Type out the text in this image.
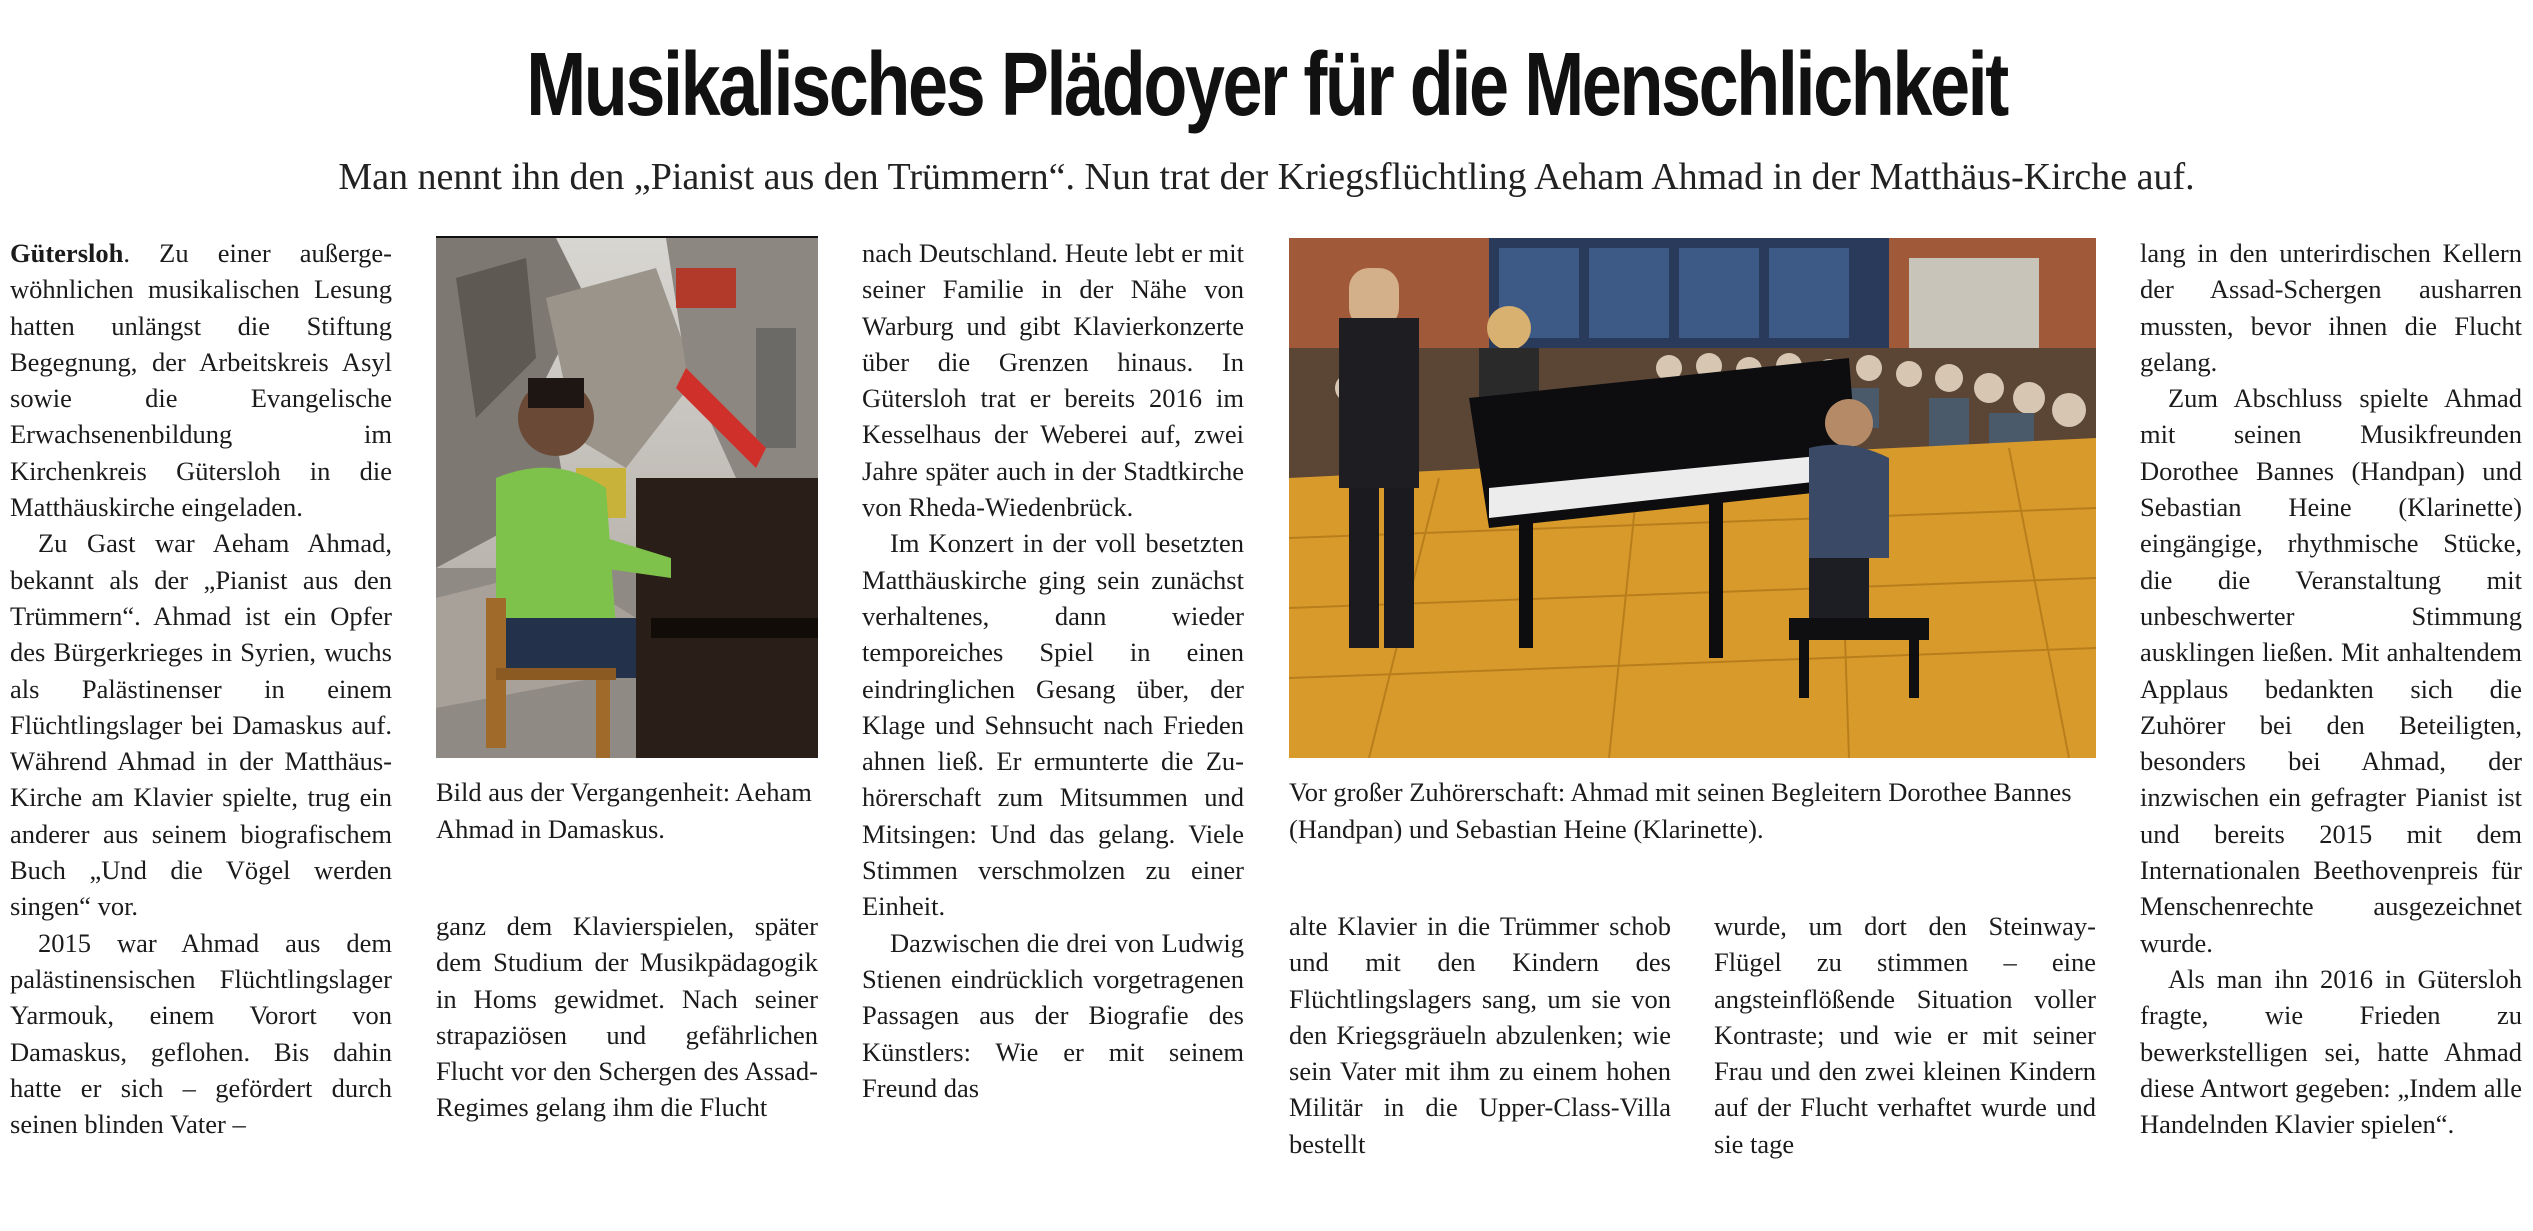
Musikalisches Plädoyer für die Menschlichkeit
Man nennt ihn den „Pianist aus den Trümmern“. Nun trat der Kriegsflüchtling Aeham Ahmad in der Matthäus-Kirche auf.

Gütersloh. Zu einer außergewöhnlichen musikalischen Lesung hatten unlängst die Stiftung Begegnung, der Arbeitskreis Asyl sowie die Evangelische Erwachsenenbildung im Kirchenkreis Gütersloh in die Matthäuskirche eingeladen.

Zu Gast war Aeham Ahmad, bekannt als der „Pianist aus den Trümmern“. Ahmad ist ein Opfer des Bürgerkrieges in Syrien, wuchs als Palästinenser in einem Flüchtlingslager bei Damaskus auf. Während Ahmad in der Matthäus-Kirche am Klavier spielte, trug ein anderer aus seinem biografischem Buch „Und die Vögel werden singen“ vor.

2015 war Ahmad aus dem palästinensischen Flüchtlingslager Yarmouk, einem Vorort von Damaskus, geflohen. Bis dahin hatte er sich – gefördert durch seinen blinden Vater –

Bild aus der Vergangenheit: Aeham Ahmad in Damaskus.

ganz dem Klavierspielen, später dem Studium der Musikpädagogik in Homs gewidmet. Nach seiner strapaziösen und gefährlichen Flucht vor den Schergen des Assad-Regimes gelang ihm die Flucht

nach Deutschland. Heute lebt er mit seiner Familie in der Nähe von Warburg und gibt Klavierkonzerte über die Grenzen hinaus. In Gütersloh trat er bereits 2016 im Kesselhaus der Weberei auf, zwei Jahre später auch in der Stadtkirche von Rheda-Wiedenbrück.

Im Konzert in der voll besetzten Matthäuskirche ging sein zunächst verhaltenes, dann wieder temporeiches Spiel in einen eindringlichen Gesang über, der Klage und Sehnsucht nach Frieden ahnen ließ. Er ermunterte die Zuhörerschaft zum Mitsummen und Mitsingen: Und das gelang. Viele Stimmen verschmolzen zu einer Einheit.

Dazwischen die drei von Ludwig Stienen eindrücklich vorgetragenen Passagen aus der Biografie des Künstlers: Wie er mit seinem Freund das

Vor großer Zuhörerschaft: Ahmad mit seinen Begleitern Dorothee Bannes (Handpan) und Sebastian Heine (Klarinette).

alte Klavier in die Trümmer schob und mit den Kindern des Flüchtlingslagers sang, um sie von den Kriegsgräueln abzulenken; wie sein Vater mit ihm zu einem hohen Militär in die Upper-Class-Villa bestellt

wurde, um dort den Steinway-Flügel zu stimmen – eine angsteinflößende Situation voller Kontraste; und wie er mit seiner Frau und den zwei kleinen Kindern auf der Flucht verhaftet wurde und sie tage

lang in den unterirdischen Kellern der Assad-Schergen ausharren mussten, bevor ihnen die Flucht gelang.

Zum Abschluss spielte Ahmad mit seinen Musikfreunden Dorothee Bannes (Handpan) und Sebastian Heine (Klarinette) eingängige, rhythmische Stücke, die die Veranstaltung mit unbeschwerter Stimmung ausklingen ließen. Mit anhaltendem Applaus bedankten sich die Zuhörer bei den Beteiligten, besonders bei Ahmad, der inzwischen ein gefragter Pianist ist und bereits 2015 mit dem Internationalen Beethovenpreis für Menschenrechte ausgezeichnet wurde.

Als man ihn 2016 in Gütersloh fragte, wie Frieden zu bewerkstelligen sei, hatte Ahmad diese Antwort gegeben: „Indem alle Handelnden Klavier spielen“.
